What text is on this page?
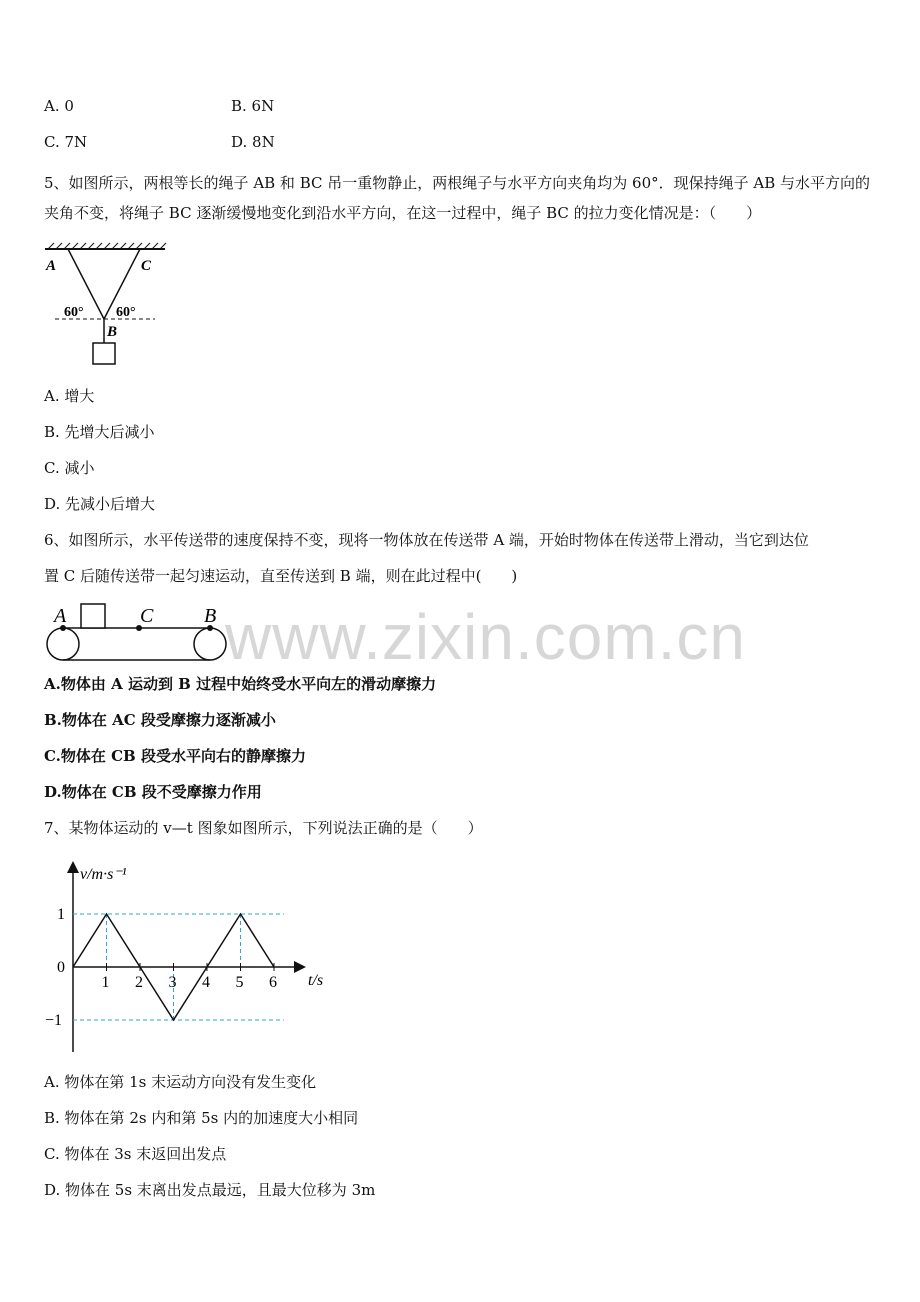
www.zixin.com.cn
A. 0	B. 6N
C. 7N	D. 8N
5、如图所示，两根等长的绳子 AB 和 BC 吊一重物静止，两根绳子与水平方向夹角均为 60°．现保持绳子 AB 与水平方向的夹角不变，将绳子 BC 逐渐缓慢地变化到沿水平方向，在这一过程中，绳子 BC 的拉力变化情况是：（　　）
A	C
60° 60°
B
A. 增大
B. 先增大后减小
C. 减小
D. 先减小后增大
6、如图所示，水平传送带的速度保持不变，现将一物体放在传送带 A 端，开始时物体在传送带上滑动，当它到达位
置 C 后随传送带一起匀速运动，直至传送到 B 端，则在此过程中(　　)
A	C	B
A.物体由 A 运动到 B 过程中始终受水平向左的滑动摩擦力
B.物体在 AC 段受摩擦力逐渐减小
C.物体在 CB 段受水平向右的静摩擦力
D.物体在 CB 段不受摩擦力作用
7、某物体运动的 v—t 图象如图所示，下列说法正确的是（　　）
v/m·s⁻¹
t/s
1 2 3 4 5 6
1
0
−1
A. 物体在第 1s 末运动方向没有发生变化
B. 物体在第 2s 内和第 5s 内的加速度大小相同
C. 物体在 3s 末返回出发点
D. 物体在 5s 末离出发点最远，且最大位移为 3m
